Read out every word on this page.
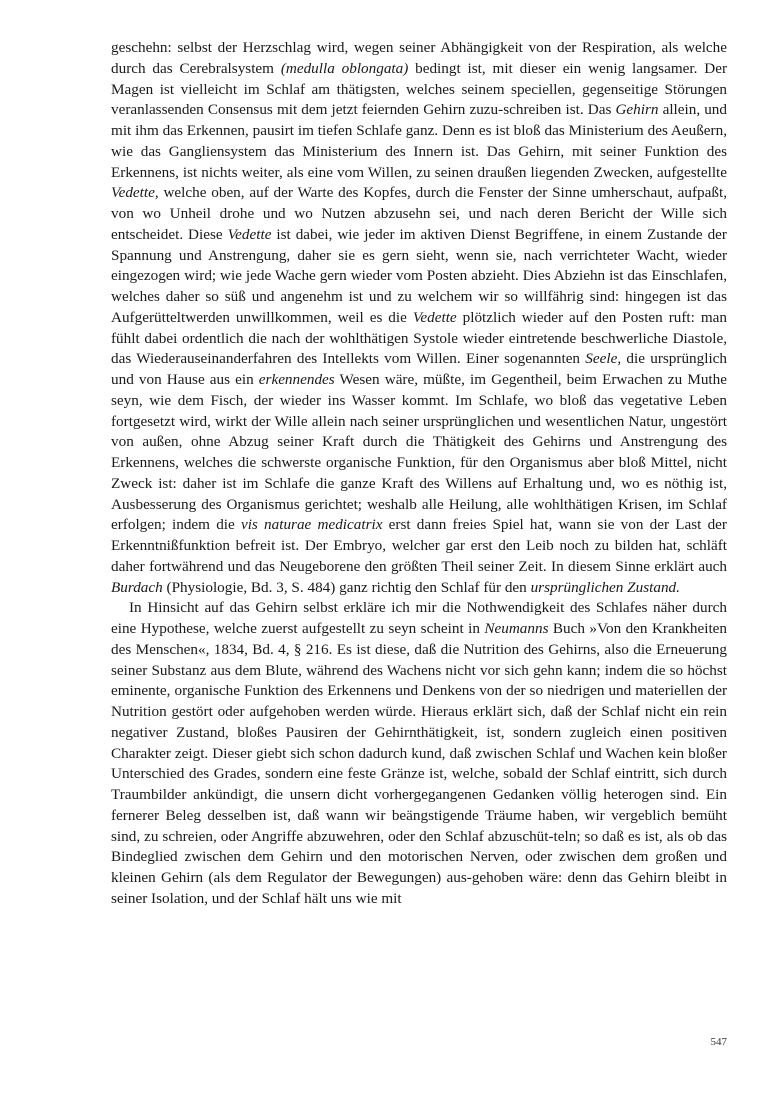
geschehn: selbst der Herzschlag wird, wegen seiner Abhängigkeit von der Respiration, als welche durch das Cerebralsystem (medulla oblongata) bedingt ist, mit dieser ein wenig langsamer. Der Magen ist vielleicht im Schlaf am thätigsten, welches seinem speciellen, gegenseitige Störungen veranlassenden Consensus mit dem jetzt feiernden Gehirn zuzu-schreiben ist. Das Gehirn allein, und mit ihm das Erkennen, pausirt im tiefen Schlafe ganz. Denn es ist bloß das Ministerium des Aeußern, wie das Gangliensystem das Ministerium des Innern ist. Das Gehirn, mit seiner Funktion des Erkennens, ist nichts weiter, als eine vom Willen, zu seinen draußen liegenden Zwecken, aufgestellte Vedette, welche oben, auf der Warte des Kopfes, durch die Fenster der Sinne umherschaut, aufpaßt, von wo Unheil drohe und wo Nutzen abzusehn sei, und nach deren Bericht der Wille sich entscheidet. Diese Vedette ist dabei, wie jeder im aktiven Dienst Begriffene, in einem Zustande der Spannung und Anstrengung, daher sie es gern sieht, wenn sie, nach verrichteter Wacht, wieder eingezogen wird; wie jede Wache gern wieder vom Posten abzieht. Dies Abziehn ist das Einschlafen, welches daher so süß und angenehm ist und zu welchem wir so willfährig sind: hingegen ist das Aufgerütteltwerden unwillkommen, weil es die Vedette plötzlich wieder auf den Posten ruft: man fühlt dabei ordentlich die nach der wohlthätigen Systole wieder eintretende beschwerliche Diastole, das Wiederauseinanderfahren des Intellekts vom Willen. Einer sogenannten Seele, die ursprünglich und von Hause aus ein erkennendes Wesen wäre, müßte, im Gegentheil, beim Erwachen zu Muthe seyn, wie dem Fisch, der wieder ins Wasser kommt. Im Schlafe, wo bloß das vegetative Leben fortgesetzt wird, wirkt der Wille allein nach seiner ursprünglichen und wesentlichen Natur, ungestört von außen, ohne Abzug seiner Kraft durch die Thätigkeit des Gehirns und Anstrengung des Erkennens, welches die schwerste organische Funktion, für den Organismus aber bloß Mittel, nicht Zweck ist: daher ist im Schlafe die ganze Kraft des Willens auf Erhaltung und, wo es nöthig ist, Ausbesserung des Organismus gerichtet; weshalb alle Heilung, alle wohlthätigen Krisen, im Schlaf erfolgen; indem die vis naturae medicatrix erst dann freies Spiel hat, wann sie von der Last der Erkenntnißfunktion befreit ist. Der Embryo, welcher gar erst den Leib noch zu bilden hat, schläft daher fortwährend und das Neugeborene den größten Theil seiner Zeit. In diesem Sinne erklärt auch Burdach (Physiologie, Bd. 3, S. 484) ganz richtig den Schlaf für den ursprünglichen Zustand.

In Hinsicht auf das Gehirn selbst erkläre ich mir die Nothwendigkeit des Schlafes näher durch eine Hypothese, welche zuerst aufgestellt zu seyn scheint in Neumanns Buch »Von den Krankheiten des Menschen«, 1834, Bd. 4, § 216. Es ist diese, daß die Nutrition des Gehirns, also die Erneuerung seiner Substanz aus dem Blute, während des Wachens nicht vor sich gehn kann; indem die so höchst eminente, organische Funktion des Erkennens und Denkens von der so niedrigen und materiellen der Nutrition gestört oder aufgehoben werden würde. Hieraus erklärt sich, daß der Schlaf nicht ein rein negativer Zustand, bloßes Pausiren der Gehirnthätigkeit, ist, sondern zugleich einen positiven Charakter zeigt. Dieser giebt sich schon dadurch kund, daß zwischen Schlaf und Wachen kein bloßer Unterschied des Grades, sondern eine feste Gränze ist, welche, sobald der Schlaf eintritt, sich durch Traumbilder ankündigt, die unsern dicht vorhergegangenen Gedanken völlig heterogen sind. Ein fernerer Beleg desselben ist, daß wann wir beängstigende Träume haben, wir vergeblich bemüht sind, zu schreien, oder Angriffe abzuwehren, oder den Schlaf abzuschüt-teln; so daß es ist, als ob das Bindeglied zwischen dem Gehirn und den motorischen Nerven, oder zwischen dem großen und kleinen Gehirn (als dem Regulator der Bewegungen) aus-gehoben wäre: denn das Gehirn bleibt in seiner Isolation, und der Schlaf hält uns wie mit

547
